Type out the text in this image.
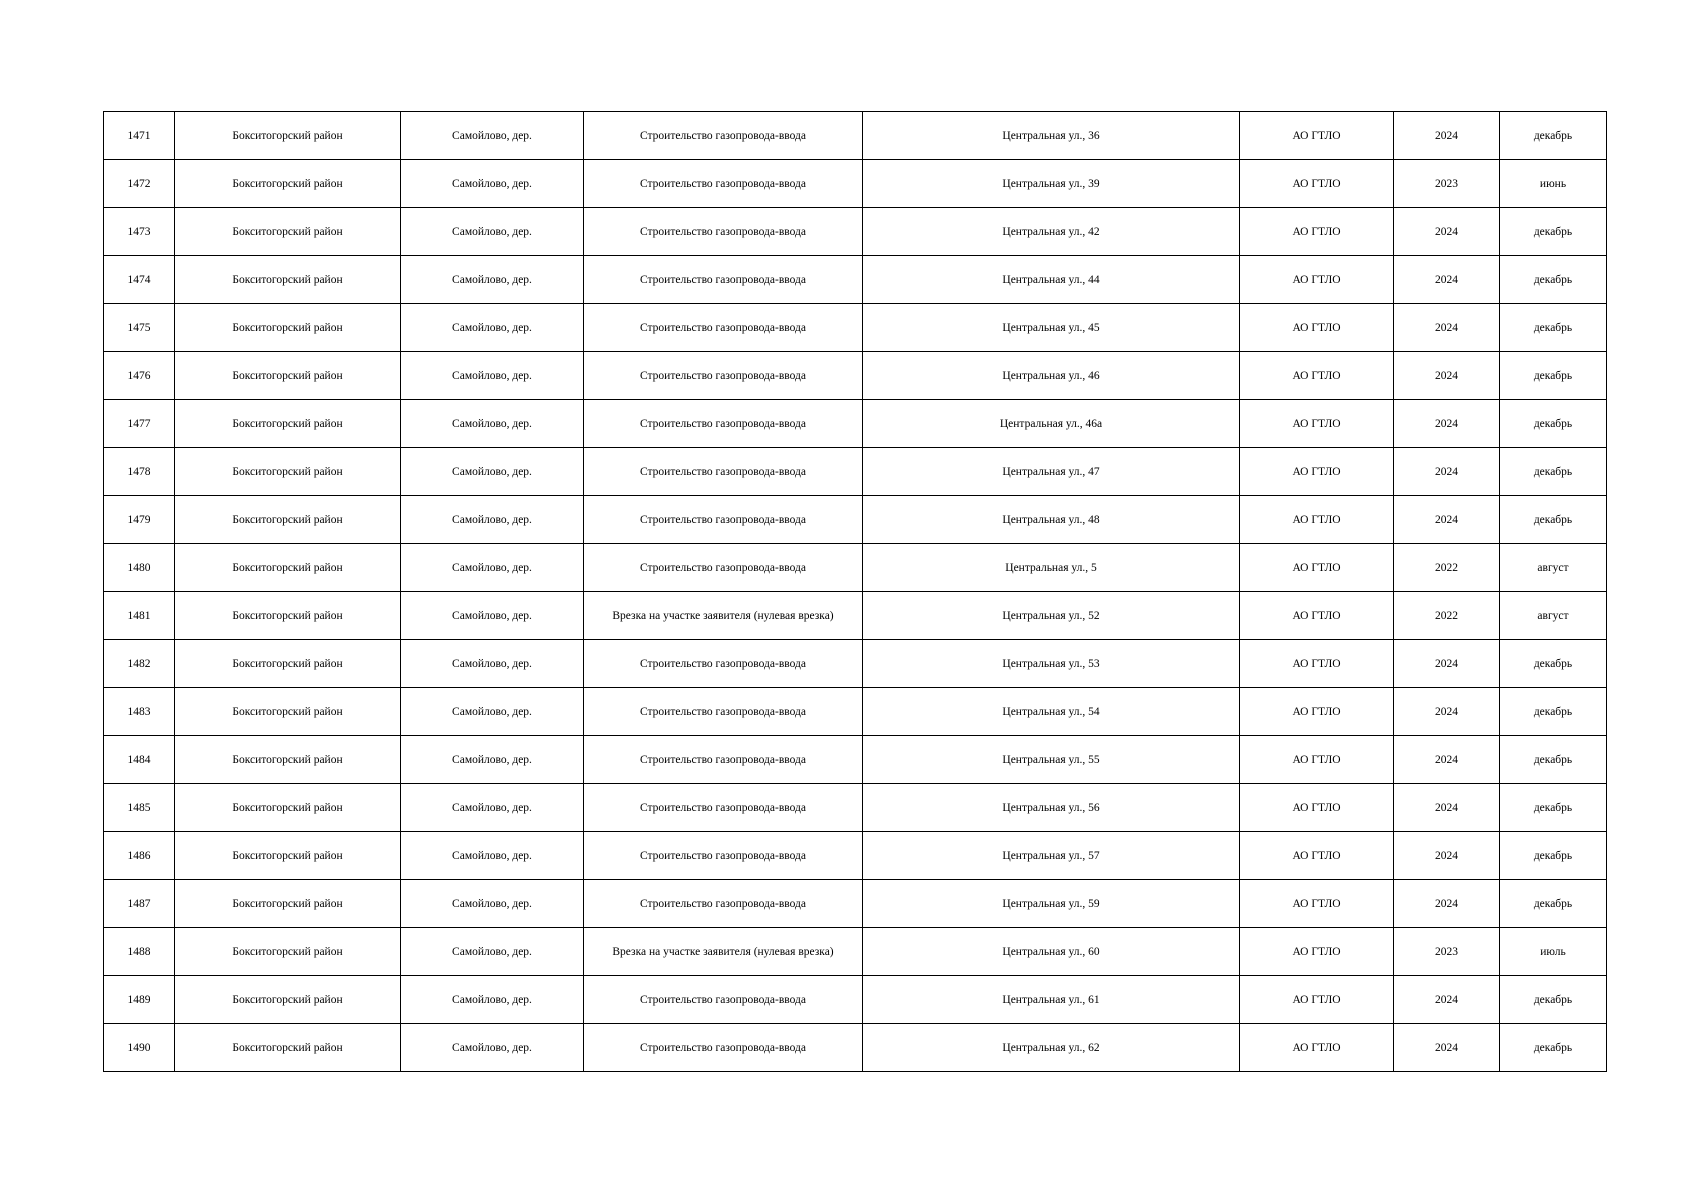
1471	Бокситогорский район	Самойлово, дер.	Строительство газопровода-ввода	Центральная ул., 36	АО ГТЛО	2024	декабрь
1472	Бокситогорский район	Самойлово, дер.	Строительство газопровода-ввода	Центральная ул., 39	АО ГТЛО	2023	июнь
1473	Бокситогорский район	Самойлово, дер.	Строительство газопровода-ввода	Центральная ул., 42	АО ГТЛО	2024	декабрь
1474	Бокситогорский район	Самойлово, дер.	Строительство газопровода-ввода	Центральная ул., 44	АО ГТЛО	2024	декабрь
1475	Бокситогорский район	Самойлово, дер.	Строительство газопровода-ввода	Центральная ул., 45	АО ГТЛО	2024	декабрь
1476	Бокситогорский район	Самойлово, дер.	Строительство газопровода-ввода	Центральная ул., 46	АО ГТЛО	2024	декабрь
1477	Бокситогорский район	Самойлово, дер.	Строительство газопровода-ввода	Центральная ул., 46а	АО ГТЛО	2024	декабрь
1478	Бокситогорский район	Самойлово, дер.	Строительство газопровода-ввода	Центральная ул., 47	АО ГТЛО	2024	декабрь
1479	Бокситогорский район	Самойлово, дер.	Строительство газопровода-ввода	Центральная ул., 48	АО ГТЛО	2024	декабрь
1480	Бокситогорский район	Самойлово, дер.	Строительство газопровода-ввода	Центральная ул., 5	АО ГТЛО	2022	август
1481	Бокситогорский район	Самойлово, дер.	Врезка на участке заявителя (нулевая врезка)	Центральная ул., 52	АО ГТЛО	2022	август
1482	Бокситогорский район	Самойлово, дер.	Строительство газопровода-ввода	Центральная ул., 53	АО ГТЛО	2024	декабрь
1483	Бокситогорский район	Самойлово, дер.	Строительство газопровода-ввода	Центральная ул., 54	АО ГТЛО	2024	декабрь
1484	Бокситогорский район	Самойлово, дер.	Строительство газопровода-ввода	Центральная ул., 55	АО ГТЛО	2024	декабрь
1485	Бокситогорский район	Самойлово, дер.	Строительство газопровода-ввода	Центральная ул., 56	АО ГТЛО	2024	декабрь
1486	Бокситогорский район	Самойлово, дер.	Строительство газопровода-ввода	Центральная ул., 57	АО ГТЛО	2024	декабрь
1487	Бокситогорский район	Самойлово, дер.	Строительство газопровода-ввода	Центральная ул., 59	АО ГТЛО	2024	декабрь
1488	Бокситогорский район	Самойлово, дер.	Врезка на участке заявителя (нулевая врезка)	Центральная ул., 60	АО ГТЛО	2023	июль
1489	Бокситогорский район	Самойлово, дер.	Строительство газопровода-ввода	Центральная ул., 61	АО ГТЛО	2024	декабрь
1490	Бокситогорский район	Самойлово, дер.	Строительство газопровода-ввода	Центральная ул., 62	АО ГТЛО	2024	декабрь
